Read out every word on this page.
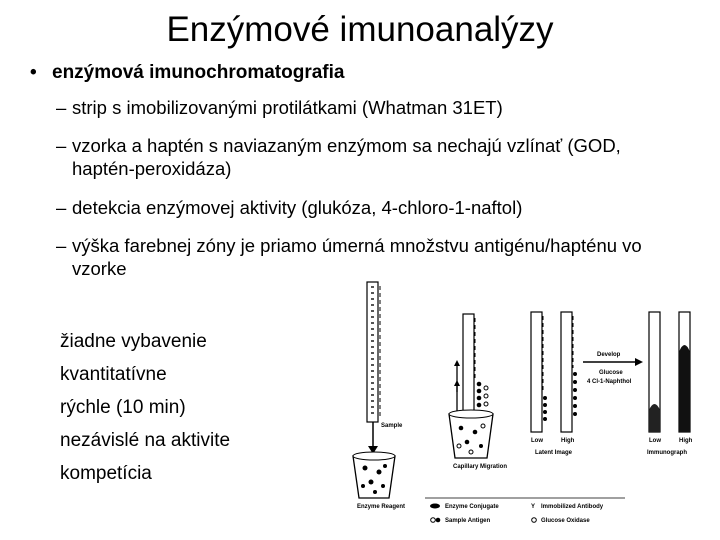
Enzýmové imunoanalýzy
• enzýmová imunochromatografia
– strip s imobilizovanými protilátkami (Whatman 31ET)
– vzorka a haptén s naviazaným enzýmom sa nechajú vzlínať (GOD, haptén-peroxidáza)
– detekcia enzýmovej aktivity (glukóza, 4-chloro-1-naftol)
– výška farebnej zóny je priamo úmerná množstvu antigénu/hapténu vo vzorke
žiadne vybavenie
kvantitatívne
rýchle (10 min)
nezávislé na aktivite
kompetícia
Sample
Enzyme Reagent
Capillary Migration
Low	High
Latent Image
Develop
Glucose
4 Cl-1-Naphthol
Low	High
Immunograph
Enzyme Conjugate
Sample Antigen
Y Immobilized Antibody
Glucose Oxidase
